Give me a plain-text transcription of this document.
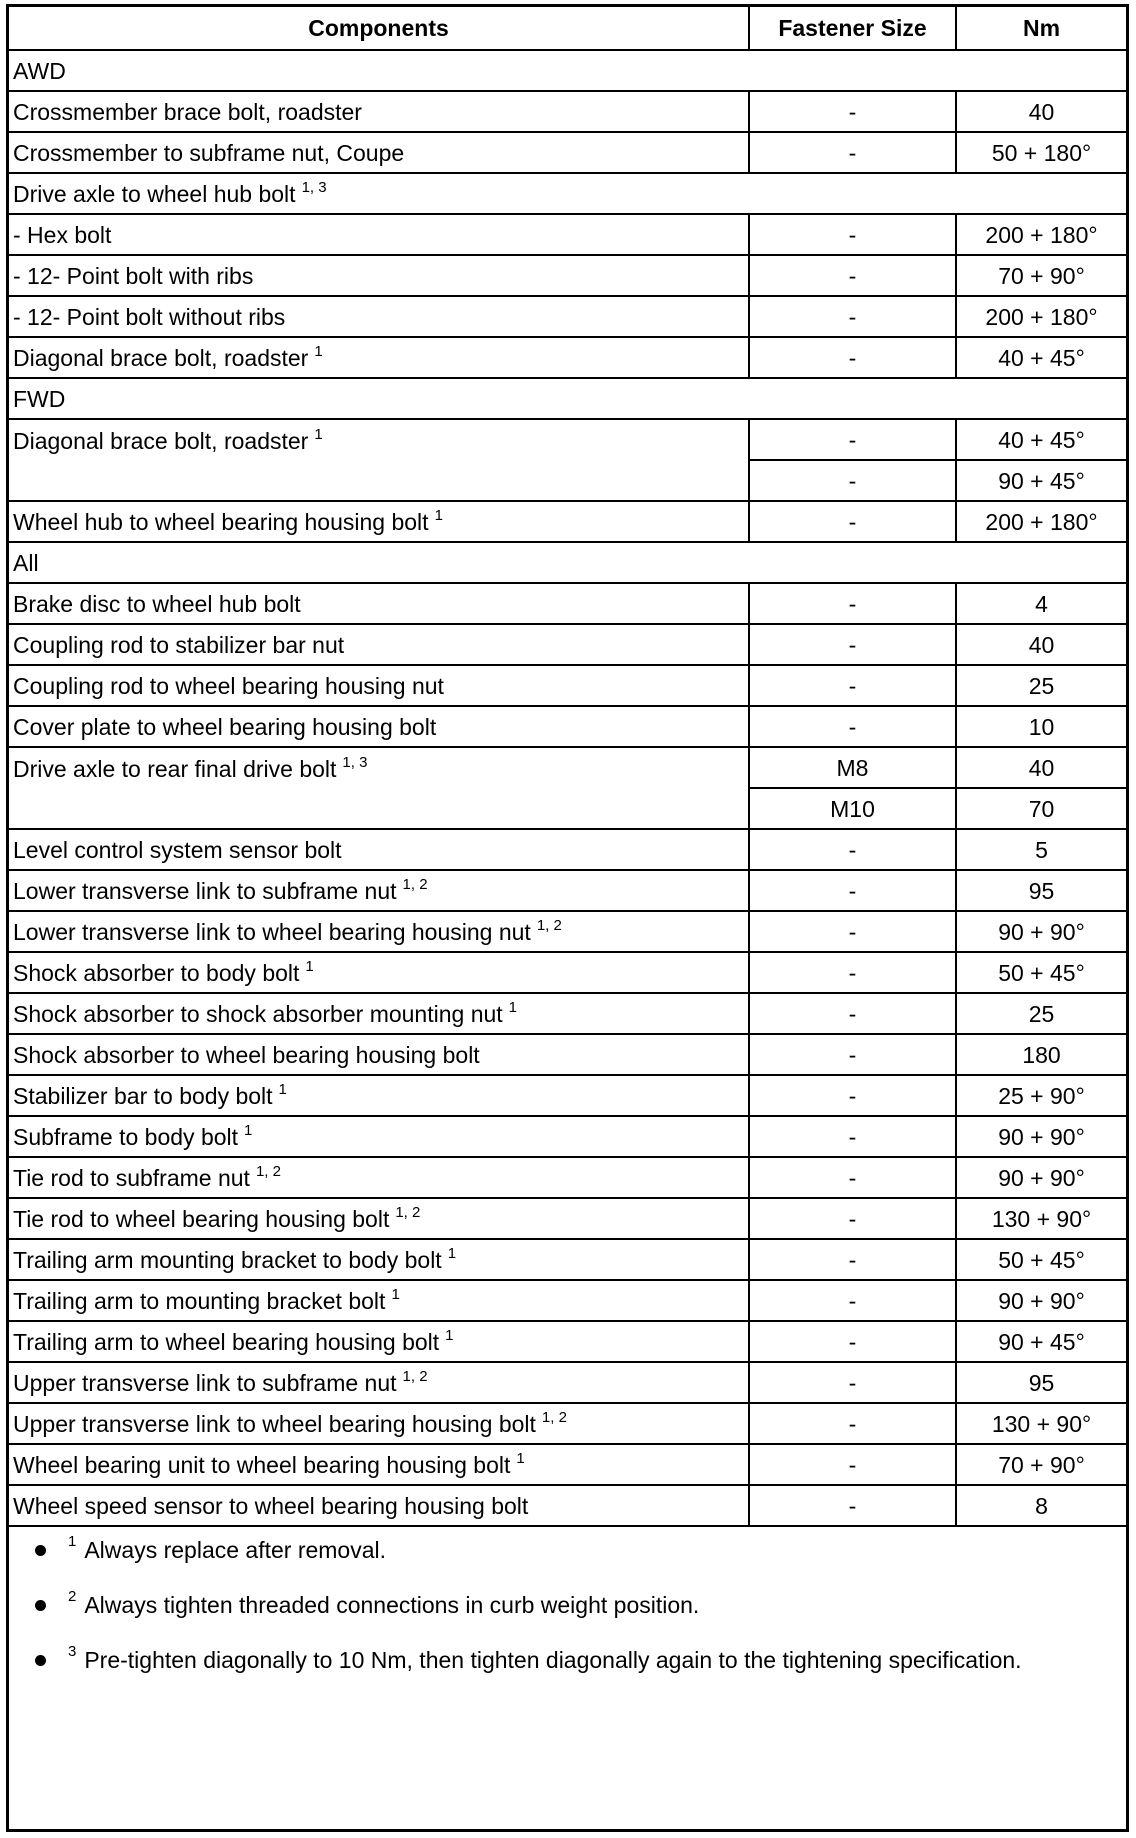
Components	Fastener Size	Nm
AWD		
Crossmember brace bolt, roadster	-	40
Crossmember to subframe nut, Coupe	-	50 + 180°
Drive axle to wheel hub bolt $^{1, 3}$
- Hex bolt	-	200 + 180°
- 12- Point bolt with ribs	-	70 + 90°
- 12- Point bolt without ribs	-	200 + 180°
Diagonal brace bolt, roadster $^1$	-	40 + 45°
FWD		
Diagonal brace bolt, roadster $^1$	-	40 + 45°
	-	90 + 45°
Wheel hub to wheel bearing housing bolt $^1$	-	200 + 180°
All		
Brake disc to wheel hub bolt	-	4
Coupling rod to stabilizer bar nut	-	40
Coupling rod to wheel bearing housing nut	-	25
Cover plate to wheel bearing housing bolt	-	10
Drive axle to rear final drive bolt $^{1, 3}$	M8	40
	M10	70
Level control system sensor bolt	-	5
Lower transverse link to subframe nut $^{1, 2}$	-	95
Lower transverse link to wheel bearing housing nut $^{1, 2}$	-	90 + 90°
Shock absorber to body bolt $^1$	-	50 + 45°
Shock absorber to shock absorber mounting nut $^1$	-	25
Shock absorber to wheel bearing housing bolt	-	180
Stabilizer bar to body bolt $^1$	-	25 + 90°
Subframe to body bolt $^1$	-	90 + 90°
Tie rod to subframe nut $^{1, 2}$	-	90 + 90°
Tie rod to wheel bearing housing bolt $^{1, 2}$	-	130 + 90°
Trailing arm mounting bracket to body bolt $^1$	-	50 + 45°
Trailing arm to mounting bracket bolt $^1$	-	90 + 90°
Trailing arm to wheel bearing housing bolt $^1$	-	90 + 45°
Upper transverse link to subframe nut $^{1, 2}$	-	95
Upper transverse link to wheel bearing housing bolt $^{1, 2}$	-	130 + 90°
Wheel bearing unit to wheel bearing housing bolt $^1$	-	70 + 90°
Wheel speed sensor to wheel bearing housing bolt	-	8
1 Always replace after removal.
2 Always tighten threaded connections in curb weight position.
3 Pre-tighten diagonally to 10 Nm, then tighten diagonally again to the tightening specification.
